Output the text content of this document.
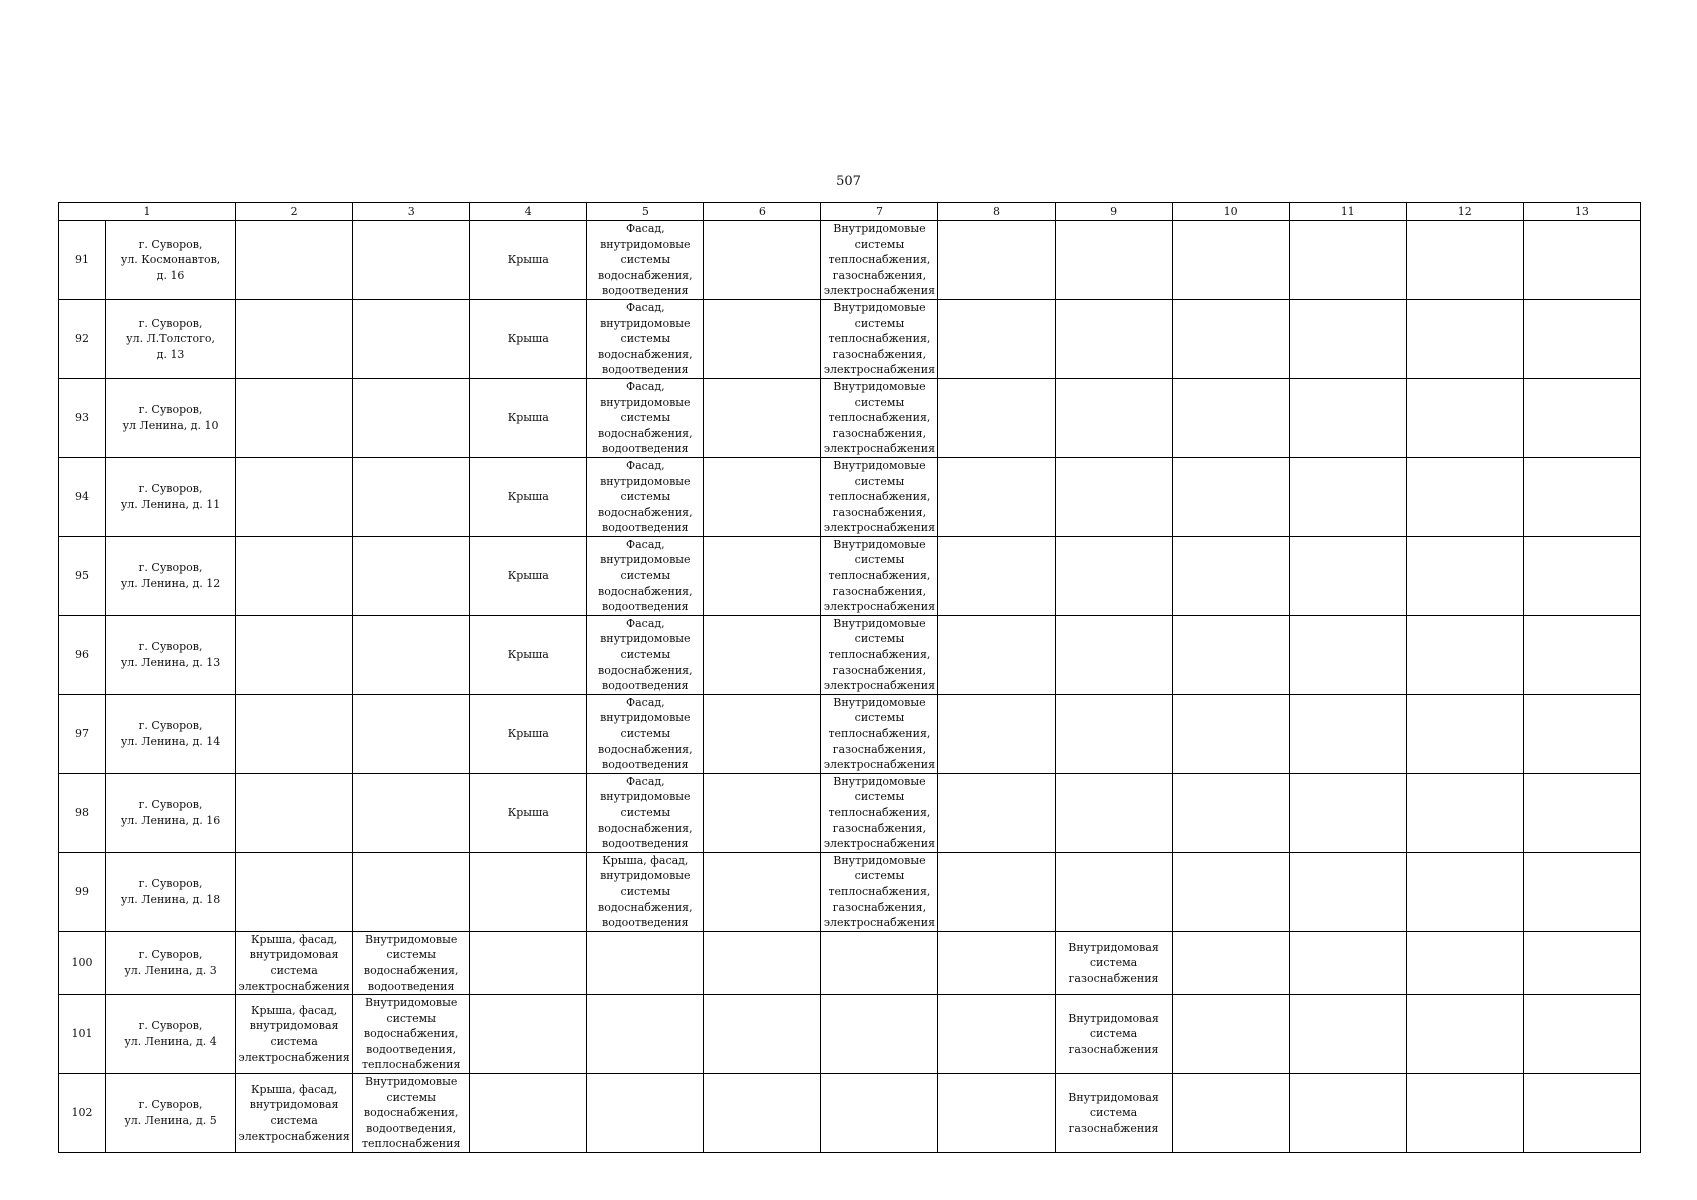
507
1		2	3	4	5	6	7	8	9	10	11	12	13
91	г. Суворов,
ул. Космонавтов,
д. 16			Крыша	Фасад,
внутридомовые
системы
водоснабжения,
водоотведения		Внутридомовые
системы
теплоснабжения,
газоснабжения,
электроснабжения						
92	г. Суворов,
ул. Л.Толстого,
д. 13			Крыша	Фасад,
внутридомовые
системы
водоснабжения,
водоотведения		Внутридомовые
системы
теплоснабжения,
газоснабжения,
электроснабжения						
93	г. Суворов,
ул Ленина, д. 10			Крыша	Фасад,
внутридомовые
системы
водоснабжения,
водоотведения		Внутридомовые
системы
теплоснабжения,
газоснабжения,
электроснабжения						
94	г. Суворов,
ул. Ленина, д. 11			Крыша	Фасад,
внутридомовые
системы
водоснабжения,
водоотведения		Внутридомовые
системы
теплоснабжения,
газоснабжения,
электроснабжения						
95	г. Суворов,
ул. Ленина, д. 12			Крыша	Фасад,
внутридомовые
системы
водоснабжения,
водоотведения		Внутридомовые
системы
теплоснабжения,
газоснабжения,
электроснабжения						
96	г. Суворов,
ул. Ленина, д. 13			Крыша	Фасад,
внутридомовые
системы
водоснабжения,
водоотведения		Внутридомовые
системы
теплоснабжения,
газоснабжения,
электроснабжения						
97	г. Суворов,
ул. Ленина, д. 14			Крыша	Фасад,
внутридомовые
системы
водоснабжения,
водоотведения		Внутридомовые
системы
теплоснабжения,
газоснабжения,
электроснабжения						
98	г. Суворов,
ул. Ленина, д. 16			Крыша	Фасад,
внутридомовые
системы
водоснабжения,
водоотведения		Внутридомовые
системы
теплоснабжения,
газоснабжения,
электроснабжения						
99	г. Суворов,
ул. Ленина, д. 18				Крыша, фасад,
внутридомовые
системы
водоснабжения,
водоотведения		Внутридомовые
системы
теплоснабжения,
газоснабжения,
электроснабжения						
100	г. Суворов,
ул. Ленина, д. 3	Крыша, фасад,
внутридомовая
система
электроснабжения	Внутридомовые
системы
водоснабжения,
водоотведения						Внутридомовая
система
газоснабжения				
101	г. Суворов,
ул. Ленина, д. 4	Крыша, фасад,
внутридомовая
система
электроснабжения	Внутридомовые
системы
водоснабжения,
водоотведения,
теплоснабжения						Внутридомовая
система
газоснабжения				
102	г. Суворов,
ул. Ленина, д. 5	Крыша, фасад,
внутридомовая
система
электроснабжения	Внутридомовые
системы
водоснабжения,
водоотведения,
теплоснабжения						Внутридомовая
система
газоснабжения				
